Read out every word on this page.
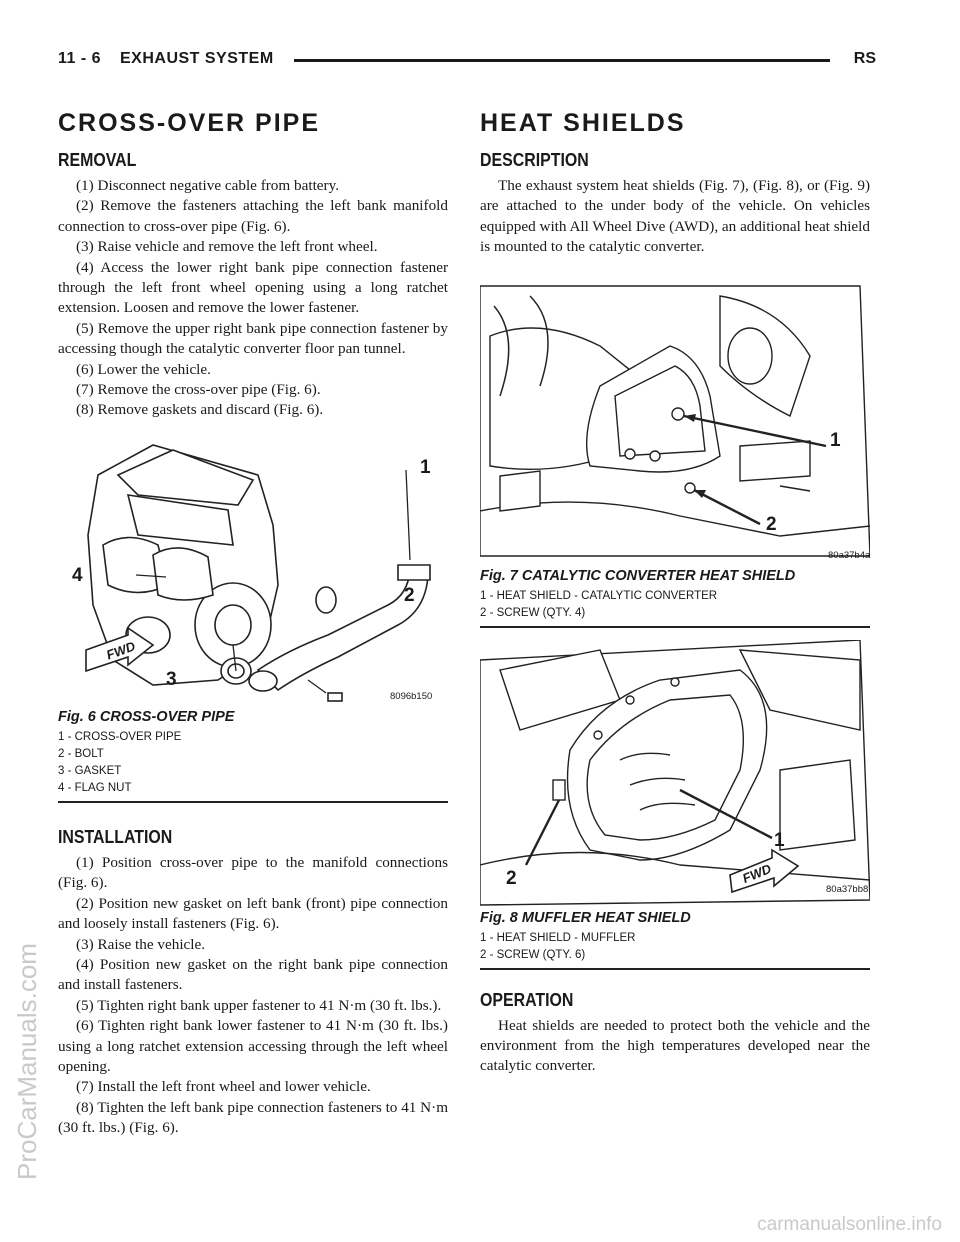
11 - 6 EXHAUST SYSTEM	RS
CROSS-OVER PIPE
REMOVAL

(1) Disconnect negative cable from battery.

(2) Remove the fasteners attaching the left bank manifold connection to cross-over pipe (Fig. 6).

(3) Raise vehicle and remove the left front wheel.

(4) Access the lower right bank pipe connection fastener through the left front wheel opening using a long ratchet extension. Loosen and remove the lower fastener.

(5) Remove the upper right bank pipe connection fastener by accessing though the catalytic converter floor pan tunnel.

(6) Lower the vehicle.

(7) Remove the cross-over pipe (Fig. 6).

(8) Remove gaskets and discard (Fig. 6).

1
2
3
4
FWD
8096b150
Fig. 6 CROSS-OVER PIPE
1 - CROSS-OVER PIPE
2 - BOLT
3 - GASKET
4 - FLAG NUT
INSTALLATION

(1) Position cross-over pipe to the manifold connections (Fig. 6).

(2) Position new gasket on left bank (front) pipe connection and loosely install fasteners (Fig. 6).

(3) Raise the vehicle.

(4) Position new gasket on the right bank pipe connection and install fasteners.

(5) Tighten right bank upper fastener to 41 N·m (30 ft. lbs.).

(6) Tighten right bank lower fastener to 41 N·m (30 ft. lbs.) using a long ratchet extension accessing through the left wheel opening.

(7) Install the left front wheel and lower vehicle.

(8) Tighten the left bank pipe connection fasteners to 41 N·m (30 ft. lbs.) (Fig. 6).

HEAT SHIELDS
DESCRIPTION

The exhaust system heat shields (Fig. 7), (Fig. 8), or (Fig. 9) are attached to the under body of the vehicle. On vehicles equipped with All Wheel Dive (AWD), an additional heat shield is mounted to the catalytic converter.

1
2
80a37b4a
Fig. 7 CATALYTIC CONVERTER HEAT SHIELD
1 - HEAT SHIELD - CATALYTIC CONVERTER
2 - SCREW (QTY. 4)
1
2	FWD
80a37bb8
Fig. 8 MUFFLER HEAT SHIELD
1 - HEAT SHIELD - MUFFLER
2 - SCREW (QTY. 6)
OPERATION

Heat shields are needed to protect both the vehicle and the environment from the high temperatures developed near the catalytic converter.

ProCarManuals.com
carmanualsonline.info
